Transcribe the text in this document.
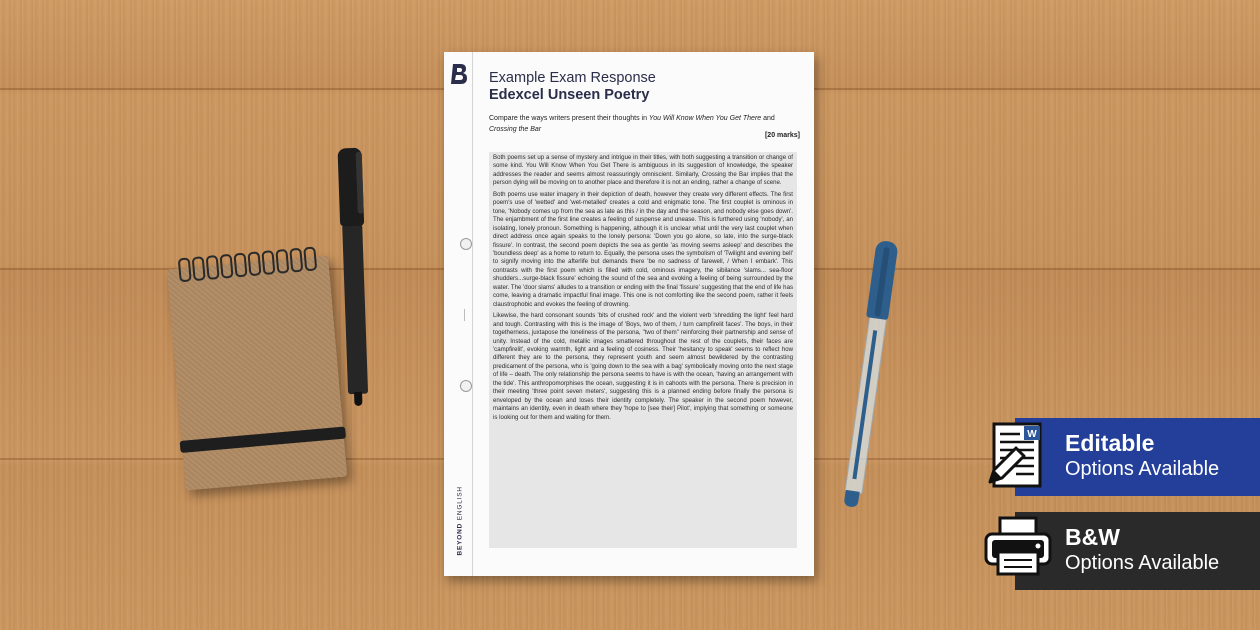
BEYOND ENGLISH
Example Exam Response
Edexcel Unseen Poetry
Compare the ways writers present their thoughts in You Will Know When You Get There and Crossing the Bar
[20 marks]

Both poems set up a sense of mystery and intrigue in their titles, with both suggesting a transition or change of some kind. You Will Know When You Get There is ambiguous in its suggestion of knowledge, the speaker addresses the reader and seems almost reassuringly omniscient. Similarly, Crossing the Bar implies that the person dying will be moving on to another place and therefore it is not an ending, rather a change of scene.

Both poems use water imagery in their depiction of death, however they create very different effects. The first poem's use of 'wetted' and 'wet-metalled' creates a cold and enigmatic tone. The first couplet is ominous in tone, 'Nobody comes up from the sea as late as this / in the day and the season, and nobody else goes down'. The enjambment of the first line creates a feeling of suspense and unease. This is furthered using 'nobody', an isolating, lonely pronoun. Something is happening, although it is unclear what until the very last couplet when direct address once again speaks to the lonely persona: 'Down you go alone, so late, into the surge-black fissure'. In contrast, the second poem depicts the sea as gentle 'as moving seems asleep' and describes the 'boundless deep' as a home to return to. Equally, the persona uses the symbolism of 'Twilight and evening bell' to signify moving into the afterlife but demands there 'be no sadness of farewell, / When I embark'. This contrasts with the first poem which is filled with cold, ominous imagery, the sibilance 'slams... sea-floor shudders...surge-black fissure' echoing the sound of the sea and evoking a feeling of being surrounded by the water. The 'door slams' alludes to a transition or ending with the final 'fissure' suggesting that the end of life has come, leaving a dramatic impactful final image. This one is not comforting like the second poem, rather it feels claustrophobic and evokes the feeling of drowning.

Likewise, the hard consonant sounds 'bits of crushed rock' and the violent verb 'shredding the light' feel hard and tough. Contrasting with this is the image of 'Boys, two of them, / turn campfirelit faces'. The boys, in their togetherness, juxtapose the loneliness of the persona, "two of them" reinforcing their partnership and sense of unity. Instead of the cold, metallic images smattered throughout the rest of the couplets, their faces are 'campfirelit', evoking warmth, light and a feeling of cosiness. Their 'hesitancy to speak' seems to reflect how different they are to the persona, they represent youth and seem almost bewildered by the contrasting predicament of the persona, who is 'going down to the sea with a bag' symbolically moving onto the next stage of life – death. The only relationship the persona seems to have is with the ocean, 'having an arrangement with the tide'. This anthropomorphises the ocean, suggesting it is in cahoots with the persona. There is precision in their meeting 'three point seven meters', suggesting this is a planned ending before finally the persona is enveloped by the ocean and loses their identity completely. The speaker in the second poem however, maintains an identity, even in death where they 'hope to [see their] Pilot', implying that something or someone is looking out for them and waiting for them.

Editable
Options Available
W
B&W
Options Available
